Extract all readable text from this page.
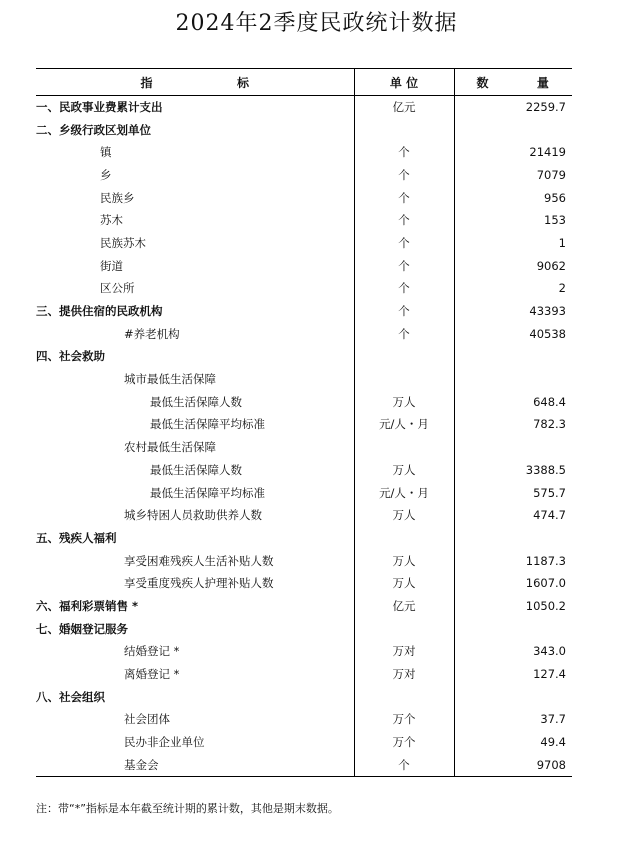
2024年2季度民政统计数据
指 标	单 位	数 量
一、民政事业费累计支出	亿元	2259.7
二、乡级行政区划单位		
镇	个	21419
乡	个	7079
民族乡	个	956
苏木	个	153
民族苏木	个	1
街道	个	9062
区公所	个	2
三、提供住宿的民政机构	个	43393
#养老机构	个	40538
四、社会救助		
城市最低生活保障		
最低生活保障人数	万人	648.4
最低生活保障平均标准	元/人・月	782.3
农村最低生活保障		
最低生活保障人数	万人	3388.5
最低生活保障平均标准	元/人・月	575.7
城乡特困人员救助供养人数	万人	474.7
五、残疾人福利		
享受困难残疾人生活补贴人数	万人	1187.3
享受重度残疾人护理补贴人数	万人	1607.0
六、福利彩票销售 *	亿元	1050.2
七、婚姻登记服务		
结婚登记 *	万对	343.0
离婚登记 *	万对	127.4
八、社会组织		
社会团体	万个	37.7
民办非企业单位	万个	49.4
基金会	个	9708
注：带“*”指标是本年截至统计期的累计数，其他是期末数据。
